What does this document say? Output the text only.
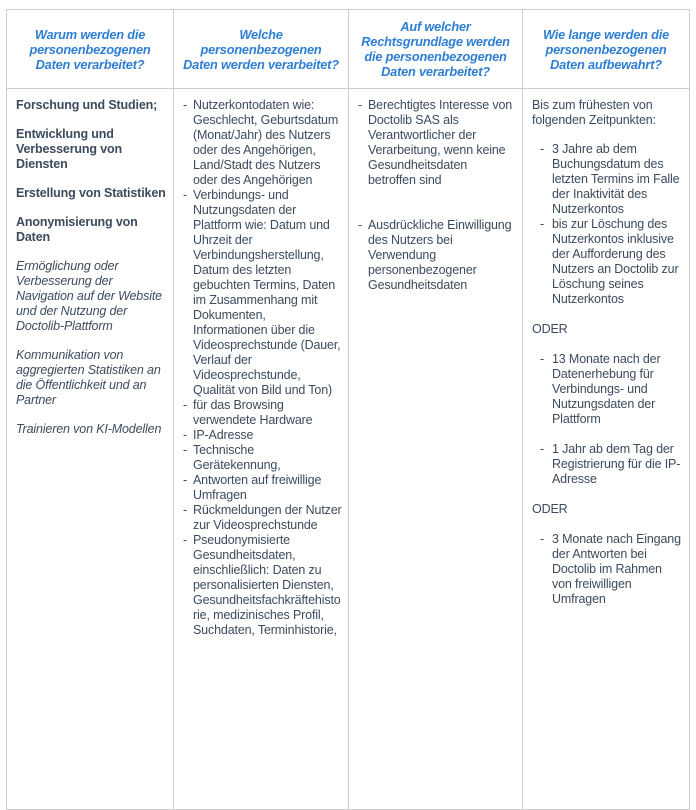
Warum werden die personenbezogenen Daten verarbeitet?
Welche personenbezogenen Daten werden verarbeitet?
Auf welcher Rechtsgrundlage werden die personenbezogenen Daten verarbeitet?
Wie lange werden die personenbezogenen Daten aufbewahrt?
Forschung und Studien;
Entwicklung und Verbesserung von Diensten
Erstellung von Statistiken
Anonymisierung von Daten
Ermöglichung oder Verbesserung der Navigation auf der Website und der Nutzung der Doctolib-Plattform
Kommunikation von aggregierten Statistiken an die Öffentlichkeit und an Partner
Trainieren von KI-Modellen
- Nutzerkontodaten wie: Geschlecht, Geburtsdatum (Monat/Jahr) des Nutzers oder des Angehörigen, Land/Stadt des Nutzers oder des Angehörigen
- Verbindungs- und Nutzungsdaten der Plattform wie: Datum und Uhrzeit der Verbindungsherstellung, Datum des letzten gebuchten Termins, Daten im Zusammenhang mit Dokumenten, Informationen über die Videosprechstunde (Dauer, Verlauf der Videosprechstunde, Qualität von Bild und Ton)
- für das Browsing verwendete Hardware
- IP-Adresse
- Technische Gerätekennung,
- Antworten auf freiwillige Umfragen
- Rückmeldungen der Nutzer zur Videosprechstunde
- Pseudonymisierte Gesundheitsdaten, einschließlich: Daten zu personalisierten Diensten, Gesundheitsfachkräftehistorie, medizinisches Profil, Suchdaten, Terminhistorie,
- Berechtigtes Interesse von Doctolib SAS als Verantwortlicher der Verarbeitung, wenn keine Gesundheitsdaten betroffen sind
- Ausdrückliche Einwilligung des Nutzers bei Verwendung personenbezogener Gesundheitsdaten
Bis zum frühesten von folgenden Zeitpunkten:
- 3 Jahre ab dem Buchungsdatum des letzten Termins im Falle der Inaktivität des Nutzerkontos
- bis zur Löschung des Nutzerkontos inklusive der Aufforderung des Nutzers an Doctolib zur Löschung seines Nutzerkontos
ODER
- 13 Monate nach der Datenerhebung für Verbindungs- und Nutzungsdaten der Plattform
- 1 Jahr ab dem Tag der Registrierung für die IP-Adresse
ODER
- 3 Monate nach Eingang der Antworten bei Doctolib im Rahmen von freiwilligen Umfragen
